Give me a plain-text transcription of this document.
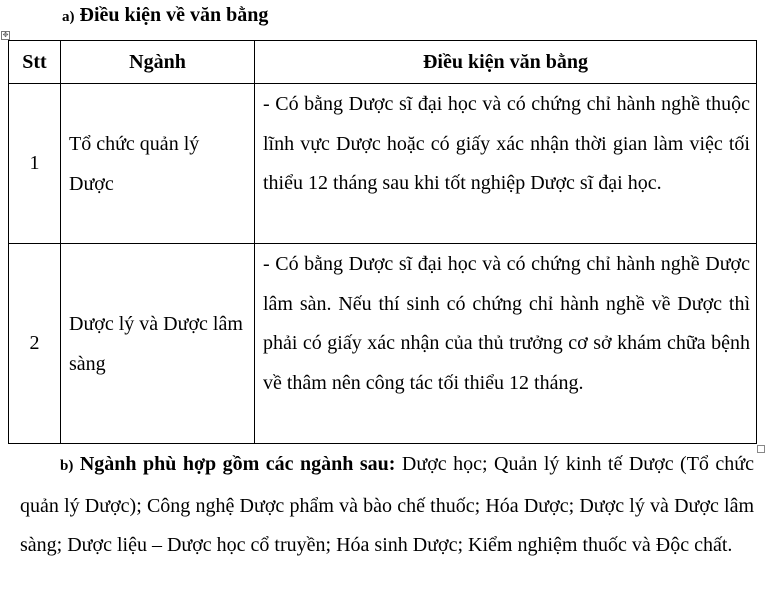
a) Điều kiện về văn bằng
✥
Stt	Ngành	Điều kiện văn bằng
1	Tổ chức quản lý Dược	- Có bằng Dược sĩ đại học và có chứng chỉ hành nghề thuộc lĩnh vực Dược hoặc có giấy xác nhận thời gian làm việc tối thiểu 12 tháng sau khi tốt nghiệp Dược sĩ đại học.
2	Dược lý và Dược lâm sàng	- Có bằng Dược sĩ đại học và có chứng chỉ hành nghề Dược lâm sàn. Nếu thí sinh có chứng chỉ hành nghề về Dược thì phải có giấy xác nhận của thủ trưởng cơ sở khám chữa bệnh về thâm nên công tác tối thiểu 12 tháng.
b) Ngành phù hợp gồm các ngành sau: Dược học; Quản lý kinh tế Dược (Tổ chức quản lý Dược); Công nghệ Dược phẩm và bào chế thuốc; Hóa Dược; Dược lý và Dược lâm sàng; Dược liệu – Dược học cổ truyền; Hóa sinh Dược; Kiểm nghiệm thuốc và Độc chất.
